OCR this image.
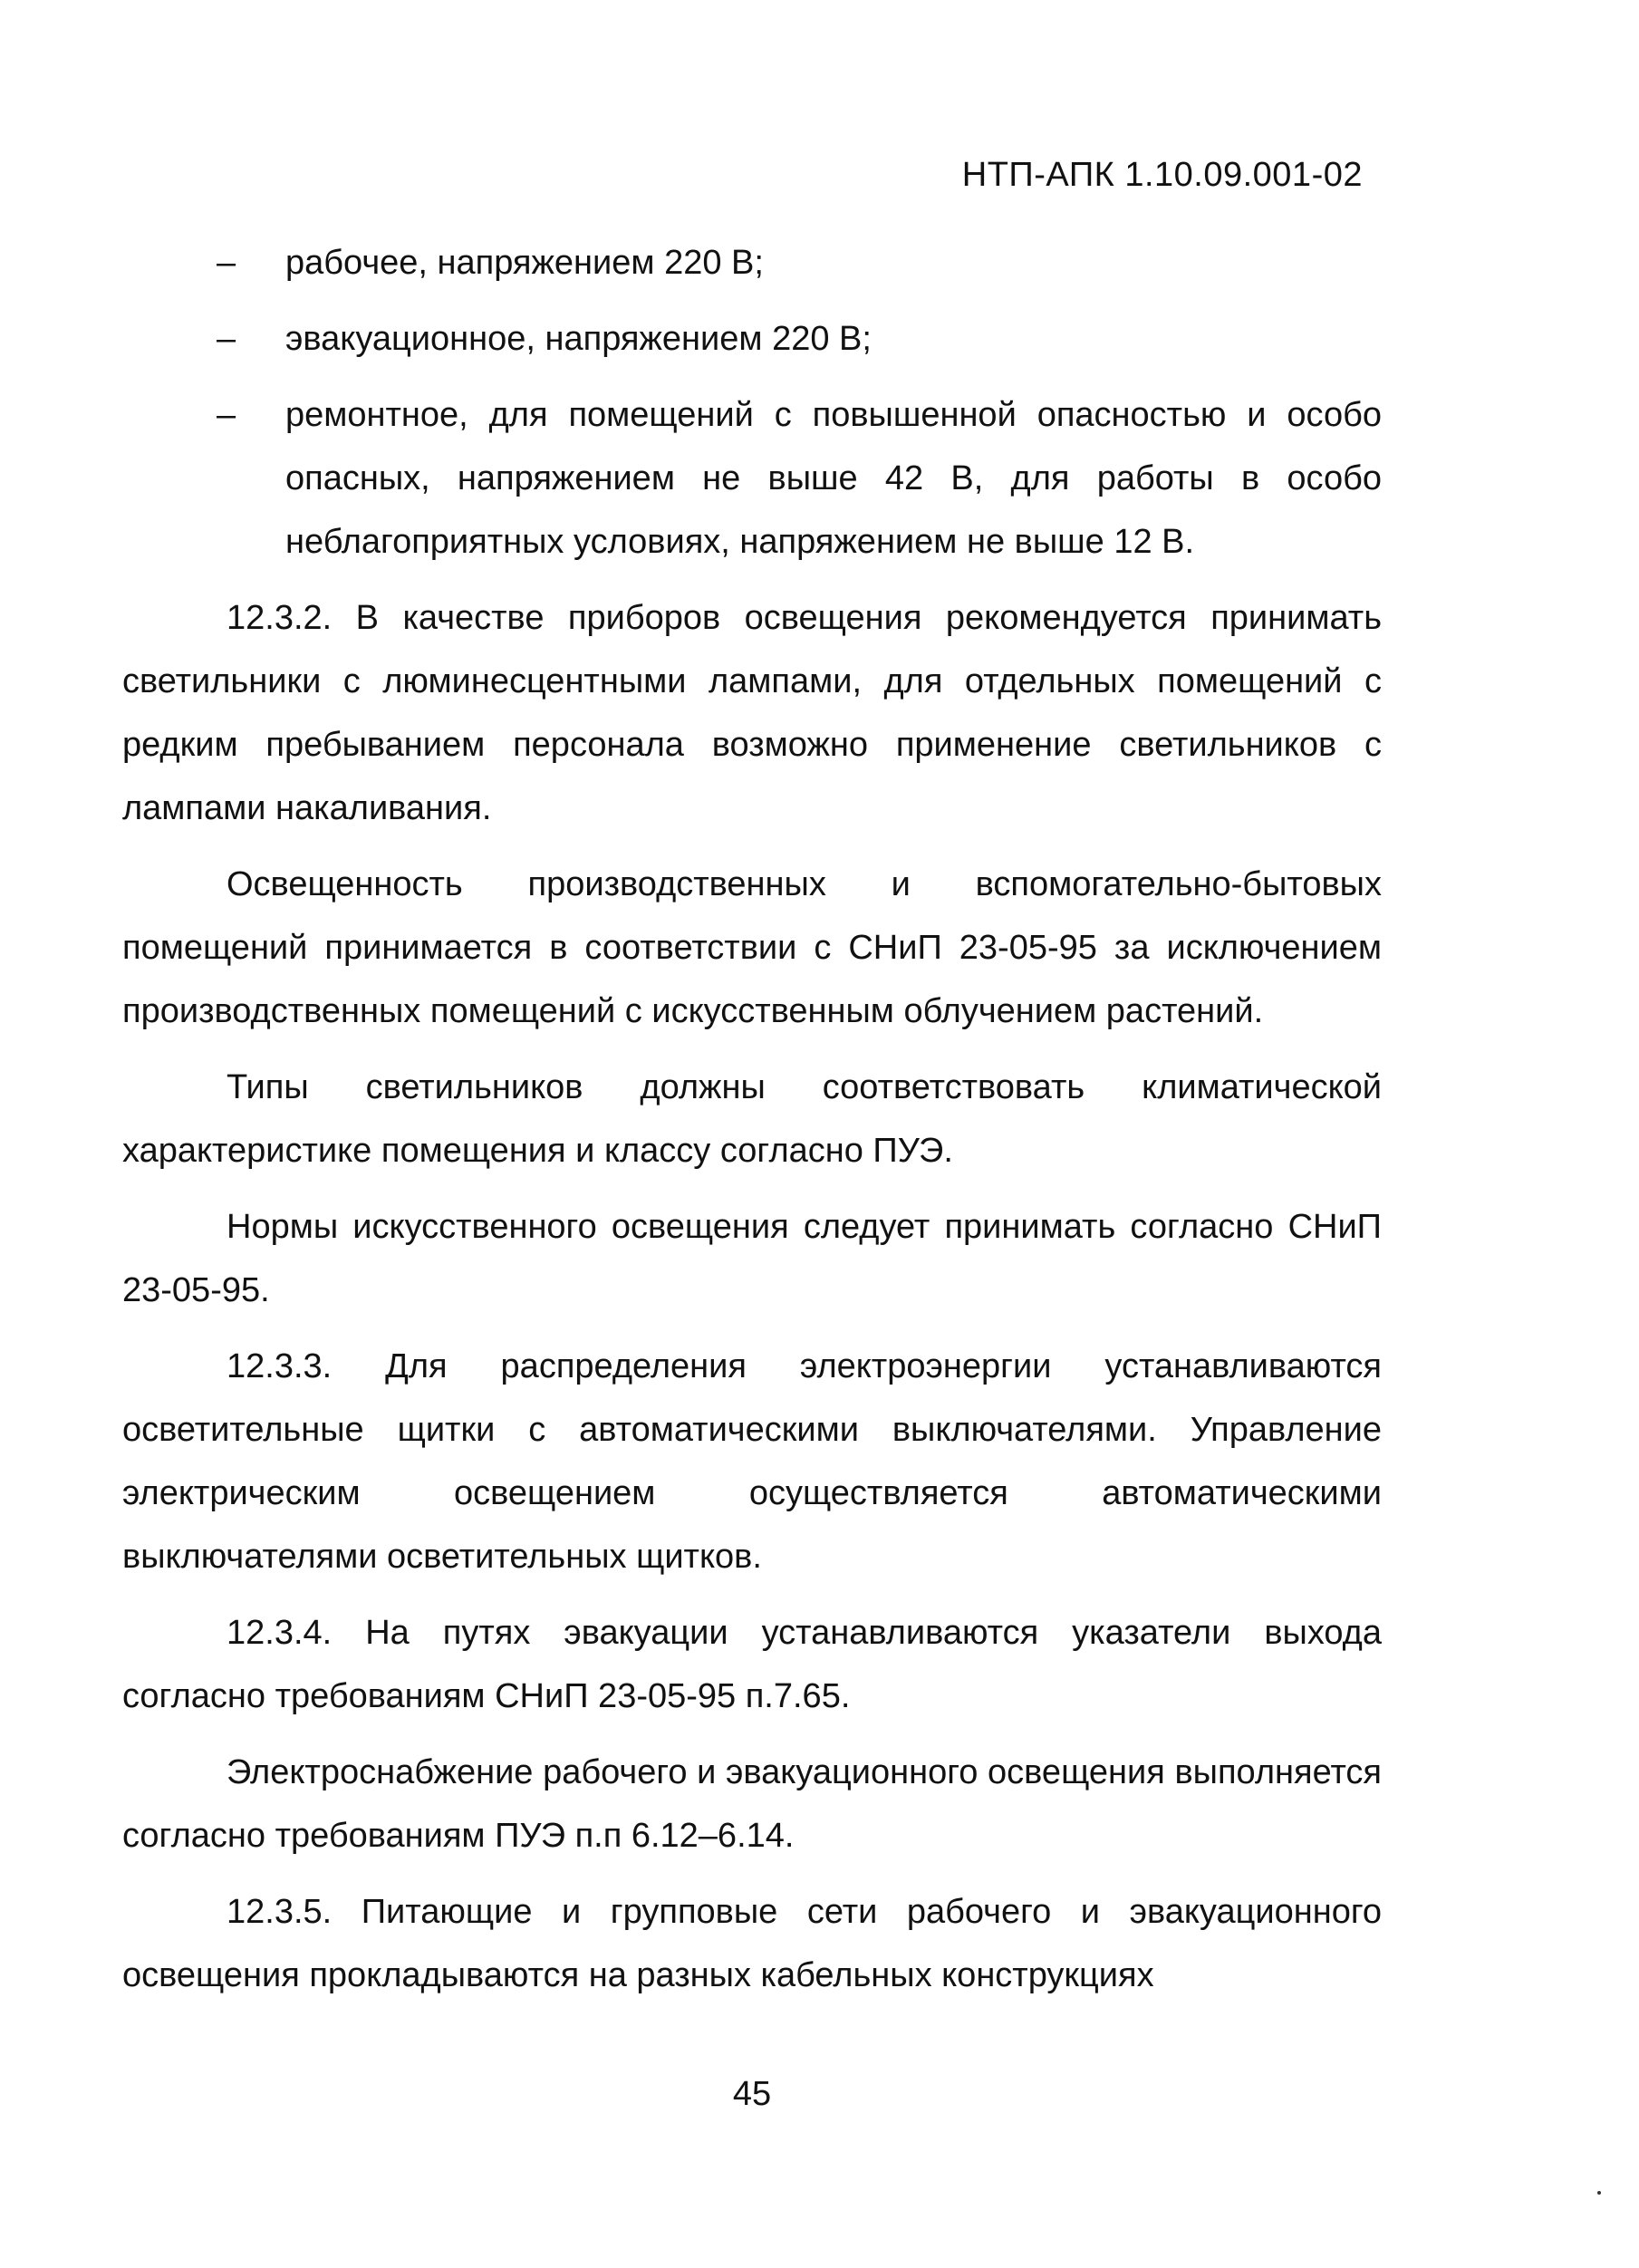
НТП-АПК 1.10.09.001-02
– рабочее, напряжением 220 В;
– эвакуационное, напряжением 220 В;
– ремонтное, для помещений с повышенной опасностью и особо опасных, напряжением не выше 42 В, для работы в особо неблагоприятных условиях, напряжением не выше 12 В.

12.3.2. В качестве приборов освещения рекомендуется принимать светильники с люминесцентными лампами, для отдельных помещений с редким пребыванием персонала возможно применение светильников с лампами накаливания.

Освещенность производственных и вспомогательно-бытовых помещений принимается в соответствии с СНиП 23-05-95 за исключением производственных помещений с искусственным облучением растений.

Типы светильников должны соответствовать климатической характеристике помещения и классу согласно ПУЭ.

Нормы искусственного освещения следует принимать согласно СНиП 23-05-95.

12.3.3. Для распределения электроэнергии устанавливаются осветительные щитки с автоматическими выключателями. Управление электрическим освещением осуществляется автоматическими выключателями осветительных щитков.

12.3.4. На путях эвакуации устанавливаются указатели выхода согласно требованиям СНиП 23-05-95 п.7.65.

Электроснабжение рабочего и эвакуационного освещения выполняется согласно требованиям ПУЭ п.п 6.12–6.14.

12.3.5. Питающие и групповые сети рабочего и эвакуационного освещения прокладываются на разных кабельных конструкциях

45
